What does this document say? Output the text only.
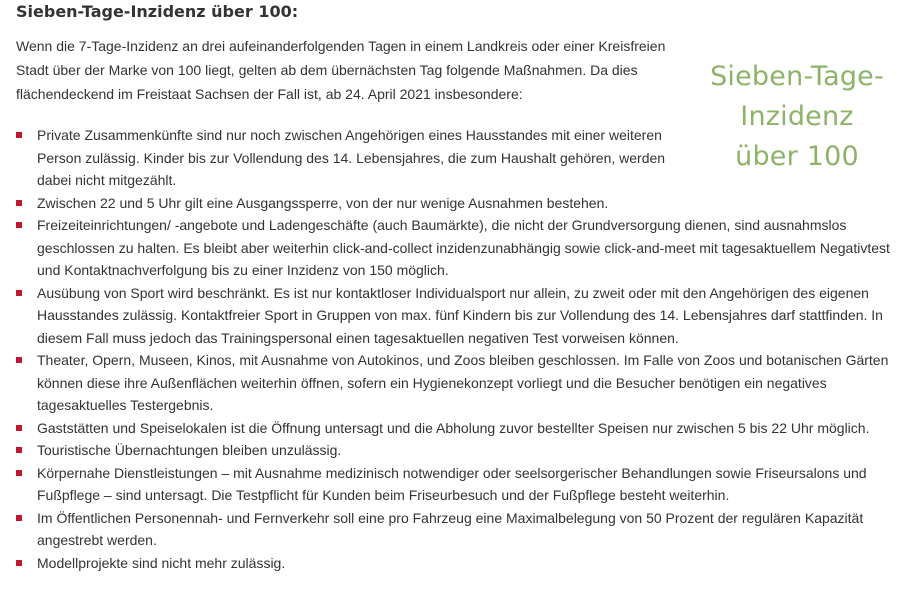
Sieben-Tage-Inzidenz über 100:

Wenn die 7-Tage-Inzidenz an drei aufeinanderfolgenden Tagen in einem Landkreis oder einer Kreisfreien
Stadt über der Marke von 100 liegt, gelten ab dem übernächsten Tag folgende Maßnahmen. Da dies
flächendeckend im Freistaat Sachsen der Fall ist, ab 24. April 2021 insbesondere:

Sieben-Tage-
Inzidenz
über 100
Private Zusammenkünfte sind nur noch zwischen Angehörigen eines Hausstandes mit einer weiteren
Person zulässig. Kinder bis zur Vollendung des 14. Lebensjahres, die zum Haushalt gehören, werden
dabei nicht mitgezählt.
Zwischen 22 und 5 Uhr gilt eine Ausgangssperre, von der nur wenige Ausnahmen bestehen.
Freizeiteinrichtungen/ -angebote und Ladengeschäfte (auch Baumärkte), die nicht der Grundversorgung dienen, sind ausnahmslos
geschlossen zu halten. Es bleibt aber weiterhin click-and-collect inzidenzunabhängig sowie click-and-meet mit tagesaktuellem Negativtest
und Kontaktnachverfolgung bis zu einer Inzidenz von 150 möglich.
Ausübung von Sport wird beschränkt. Es ist nur kontaktloser Individualsport nur allein, zu zweit oder mit den Angehörigen des eigenen
Hausstandes zulässig. Kontaktfreier Sport in Gruppen von max. fünf Kindern bis zur Vollendung des 14. Lebensjahres darf stattfinden. In
diesem Fall muss jedoch das Trainingspersonal einen tagesaktuellen negativen Test vorweisen können.
Theater, Opern, Museen, Kinos, mit Ausnahme von Autokinos, und Zoos bleiben geschlossen. Im Falle von Zoos und botanischen Gärten
können diese ihre Außenflächen weiterhin öffnen, sofern ein Hygienekonzept vorliegt und die Besucher benötigen ein negatives
tagesaktuelles Testergebnis.
Gaststätten und Speiselokalen ist die Öffnung untersagt und die Abholung zuvor bestellter Speisen nur zwischen 5 bis 22 Uhr möglich.
Touristische Übernachtungen bleiben unzulässig.
Körpernahe Dienstleistungen – mit Ausnahme medizinisch notwendiger oder seelsorgerischer Behandlungen sowie Friseursalons und
Fußpflege – sind untersagt. Die Testpflicht für Kunden beim Friseurbesuch und der Fußpflege besteht weiterhin.
Im Öffentlichen Personennah- und Fernverkehr soll eine pro Fahrzeug eine Maximalbelegung von 50 Prozent der regulären Kapazität
angestrebt werden.
Modellprojekte sind nicht mehr zulässig.
